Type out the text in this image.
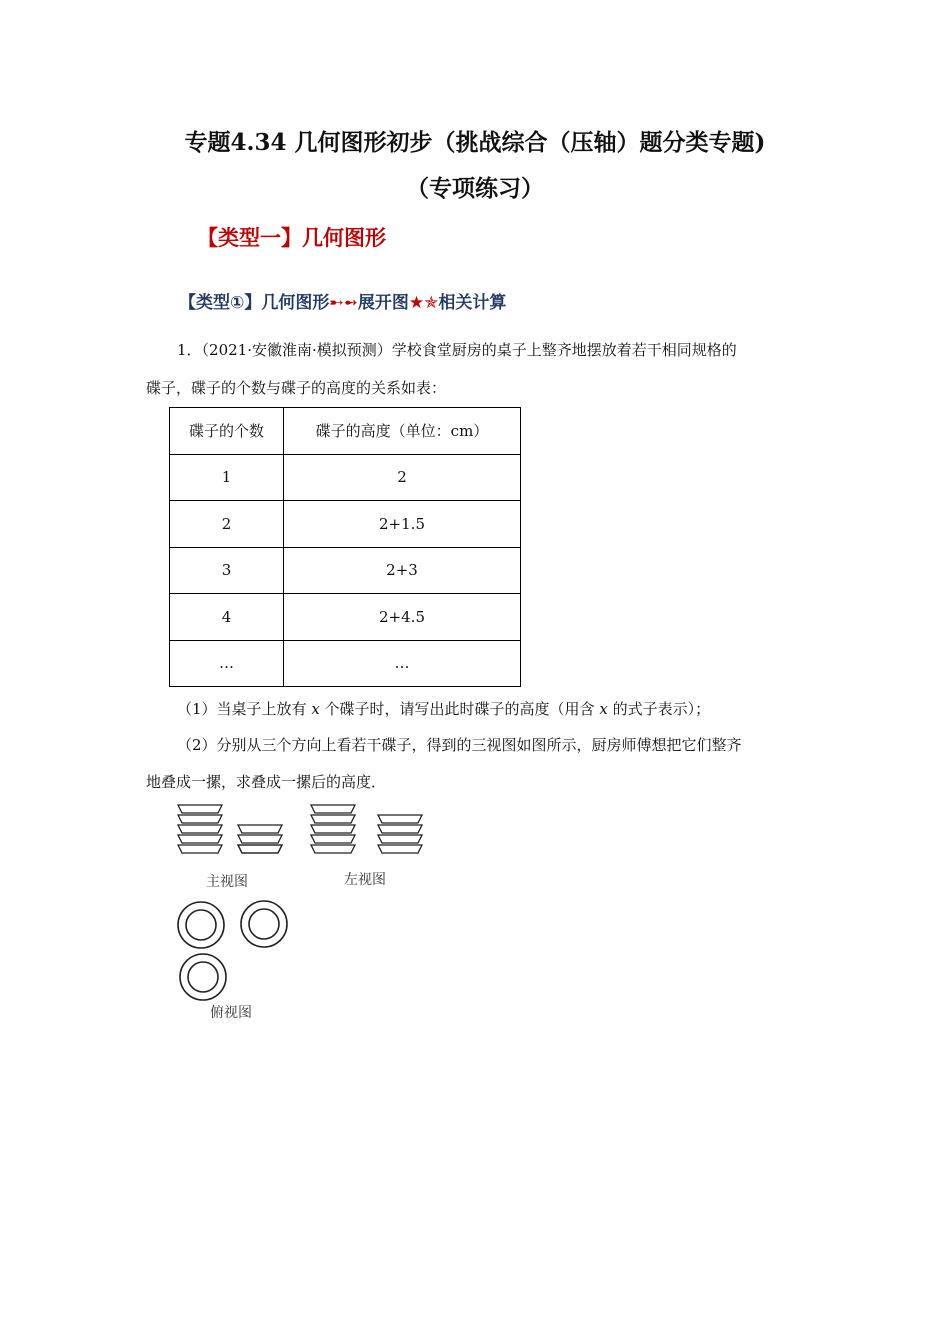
专题4.34 几何图形初步（挑战综合（压轴）题分类专题)
（专项练习）
【类型一】几何图形
【类型①】几何图形➸➻展开图★✯相关计算
1．（2021·安徽淮南·模拟预测）学校食堂厨房的桌子上整齐地摆放着若干相同规格的
碟子，碟子的个数与碟子的高度的关系如表：
碟子的个数	碟子的高度（单位：cm）
1	2
2	2+1.5
3	2+3
4	2+4.5
…	…
（1）当桌子上放有 x 个碟子时，请写出此时碟子的高度（用含 x 的式子表示）；
（2）分别从三个方向上看若干碟子，得到的三视图如图所示，厨房师傅想把它们整齐
地叠成一摞，求叠成一摞后的高度．
主视图	左视图
俯视图
